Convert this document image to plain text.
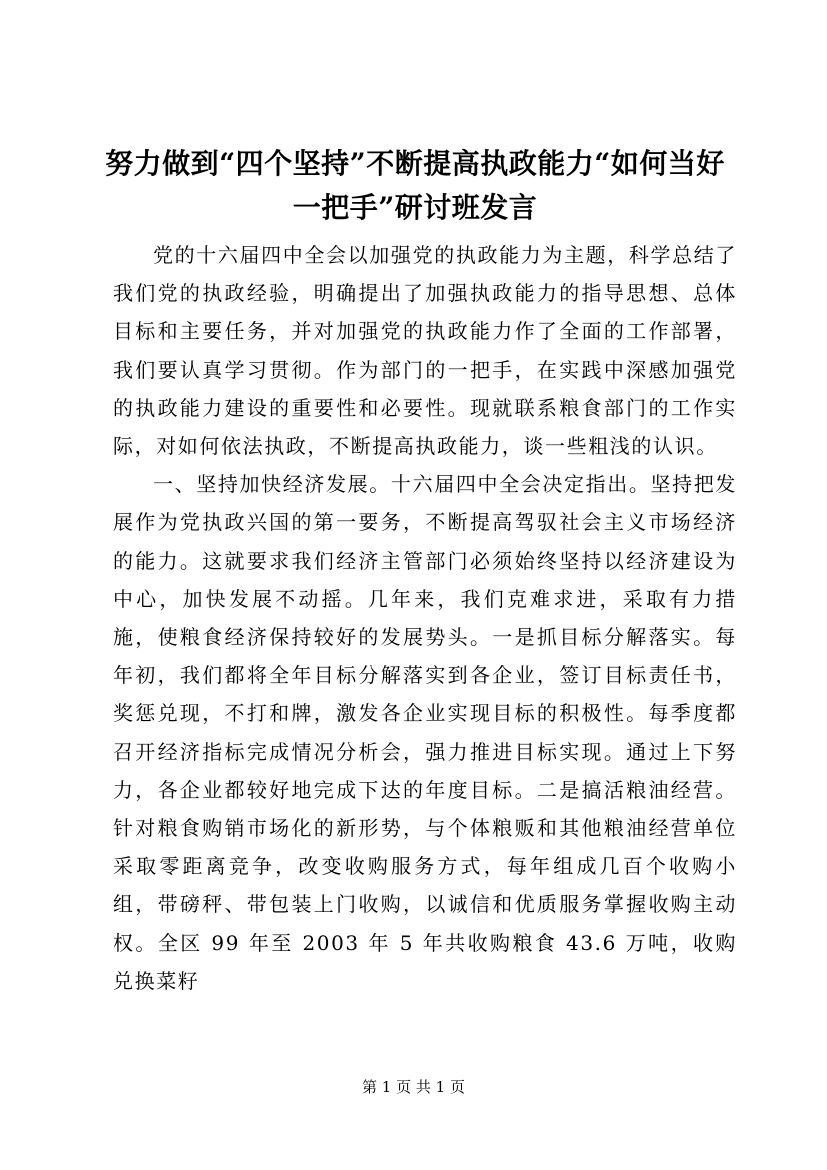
努力做到“四个坚持”不断提高执政能力“如何当好一把手”研讨班发言

党的十六届四中全会以加强党的执政能力为主题，科学总结了我们党的执政经验，明确提出了加强执政能力的指导思想、总体目标和主要任务，并对加强党的执政能力作了全面的工作部署，我们要认真学习贯彻。作为部门的一把手，在实践中深感加强党的执政能力建设的重要性和必要性。现就联系粮食部门的工作实际，对如何依法执政，不断提高执政能力，谈一些粗浅的认识。

一、坚持加快经济发展。十六届四中全会决定指出。坚持把发展作为党执政兴国的第一要务，不断提高驾驭社会主义市场经济的能力。这就要求我们经济主管部门必须始终坚持以经济建设为中心，加快发展不动摇。几年来，我们克难求进，采取有力措施，使粮食经济保持较好的发展势头。一是抓目标分解落实。每年初，我们都将全年目标分解落实到各企业，签订目标责任书，奖惩兑现，不打和牌，激发各企业实现目标的积极性。每季度都召开经济指标完成情况分析会，强力推进目标实现。通过上下努力，各企业都较好地完成下达的年度目标。二是搞活粮油经营。针对粮食购销市场化的新形势，与个体粮贩和其他粮油经营单位采取零距离竞争，改变收购服务方式，每年组成几百个收购小组，带磅秤、带包装上门收购，以诚信和优质服务掌握收购主动权。全区 99 年至 2003 年 5 年共收购粮食 43.6 万吨，收购兑换菜籽

第 1 页 共 1 页
